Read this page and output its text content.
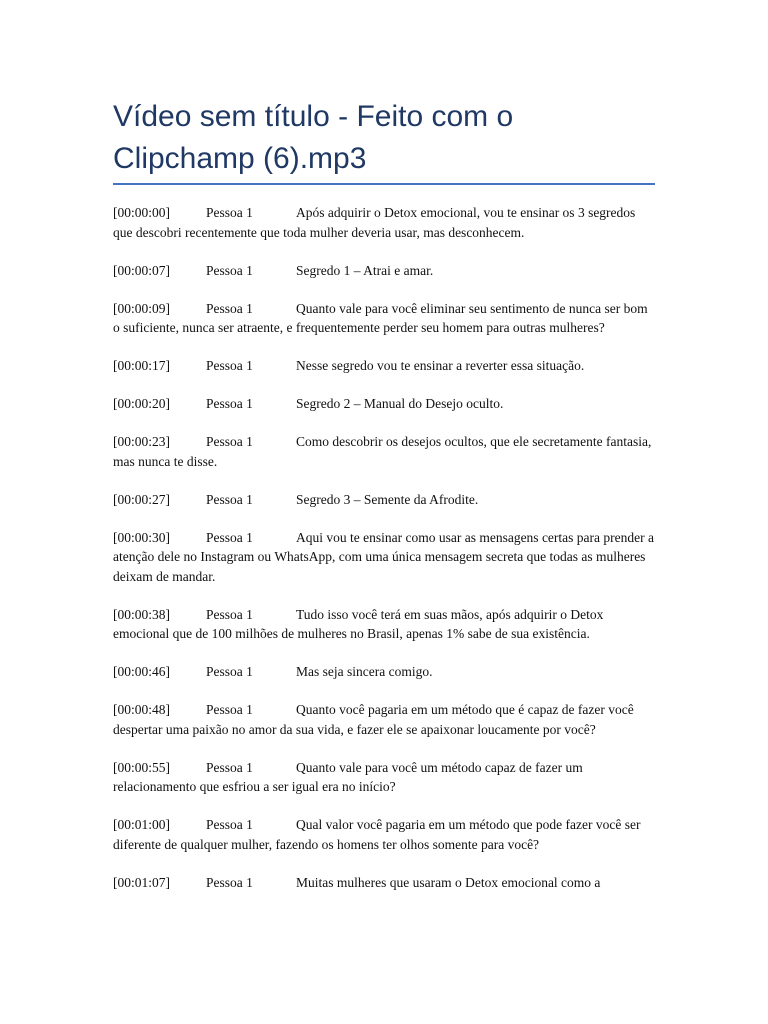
Vídeo sem título - Feito com o
Clipchamp (6).mp3

[00:00:00]	Pessoa 1	Após adquirir o Detox emocional, vou te ensinar os 3 segredos que descobri recentemente que toda mulher deveria usar, mas desconhecem.

[00:00:07]	Pessoa 1	Segredo 1 – Atrai e amar.

[00:00:09]	Pessoa 1	Quanto vale para você eliminar seu sentimento de nunca ser bom o suficiente, nunca ser atraente, e frequentemente perder seu homem para outras mulheres?

[00:00:17]	Pessoa 1	Nesse segredo vou te ensinar a reverter essa situação.

[00:00:20]	Pessoa 1	Segredo 2 – Manual do Desejo oculto.

[00:00:23]	Pessoa 1	Como descobrir os desejos ocultos, que ele secretamente fantasia, mas nunca te disse.

[00:00:27]	Pessoa 1	Segredo 3 – Semente da Afrodite.

[00:00:30]	Pessoa 1	Aqui vou te ensinar como usar as mensagens certas para prender a atenção dele no Instagram ou WhatsApp, com uma única mensagem secreta que todas as mulheres deixam de mandar.

[00:00:38]	Pessoa 1	Tudo isso você terá em suas mãos, após adquirir o Detox emocional que de 100 milhões de mulheres no Brasil, apenas 1% sabe de sua existência.

[00:00:46]	Pessoa 1	Mas seja sincera comigo.

[00:00:48]	Pessoa 1	Quanto você pagaria em um método que é capaz de fazer você despertar uma paixão no amor da sua vida, e fazer ele se apaixonar loucamente por você?

[00:00:55]	Pessoa 1	Quanto vale para você um método capaz de fazer um relacionamento que esfriou a ser igual era no início?

[00:01:00]	Pessoa 1	Qual valor você pagaria em um método que pode fazer você ser diferente de qualquer mulher, fazendo os homens ter olhos somente para você?

[00:01:07]	Pessoa 1	Muitas mulheres que usaram o Detox emocional como a
